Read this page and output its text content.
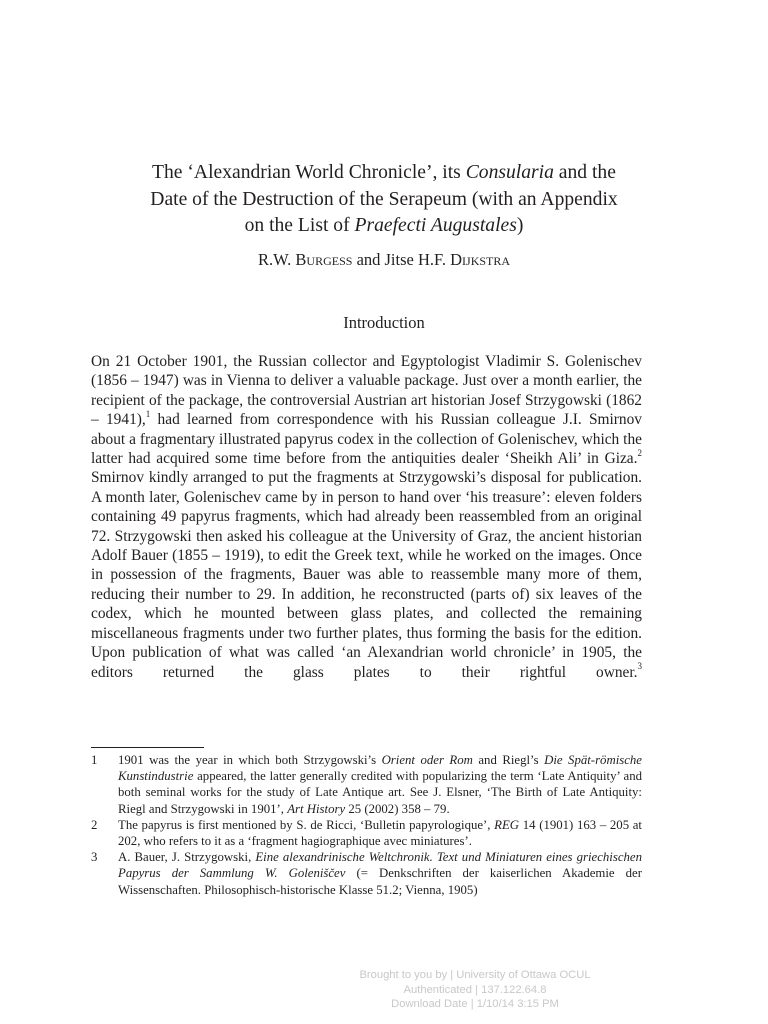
The ‘Alexandrian World Chronicle’, its Consularia and the
Date of the Destruction of the Serapeum (with an Appendix
on the List of Praefecti Augustales)
R.W. Burgess and Jitse H.F. Dijkstra
Introduction

On 21 October 1901, the Russian collector and Egyptologist Vladimir S. Golenischev (1856 – 1947) was in Vienna to deliver a valuable package. Just over a month earlier, the recipient of the package, the controversial Austrian art historian Josef Strzygowski (1862 – 1941),$^1$ had learned from correspondence with his Russian colleague J.I. Smirnov about a fragmentary illustrated papyrus codex in the collection of Golenischev, which the latter had acquired some time before from the antiquities dealer ‘Sheikh Ali’ in Giza.$^2$ Smirnov kindly arranged to put the fragments at Strzygowski’s disposal for publication. A month later, Golenischev came by in person to hand over ‘his treasure’: eleven folders containing 49 papyrus fragments, which had already been reassembled from an original 72. Strzygowski then asked his colleague at the University of Graz, the ancient historian Adolf Bauer (1855 – 1919), to edit the Greek text, while he worked on the images. Once in possession of the fragments, Bauer was able to reassemble many more of them, reducing their number to 29. In addition, he reconstructed (parts of) six leaves of the codex, which he mounted between glass plates, and collected the remaining miscellaneous fragments under two further plates, thus forming the basis for the edition. Upon publication of what was called ‘an Alexandrian world chronicle’ in 1905, the editors returned the glass plates to their rightful owner.$^3$

1 1901 was the year in which both Strzygowski’s Orient oder Rom and Riegl’s Die Spät-römische Kunstindustrie appeared, the latter generally credited with popularizing the term ‘Late Antiquity’ and both seminal works for the study of Late Antique art. See J. Elsner, ‘The Birth of Late Antiquity: Riegl and Strzygowski in 1901’, Art History 25 (2002) 358 – 79.

2 The papyrus is first mentioned by S. de Ricci, ‘Bulletin papyrologique’, REG 14 (1901) 163 – 205 at 202, who refers to it as a ‘fragment hagiographique avec miniatures’.

3 A. Bauer, J. Strzygowski, Eine alexandrinische Weltchronik. Text und Miniaturen eines griechischen Papyrus der Sammlung W. Goleniščev (= Denkschriften der kaiserlichen Akademie der Wissenschaften. Philosophisch-historische Klasse 51.2; Vienna, 1905)

Brought to you by | University of Ottawa OCUL
Authenticated | 137.122.64.8
Download Date | 1/10/14 3:15 PM
